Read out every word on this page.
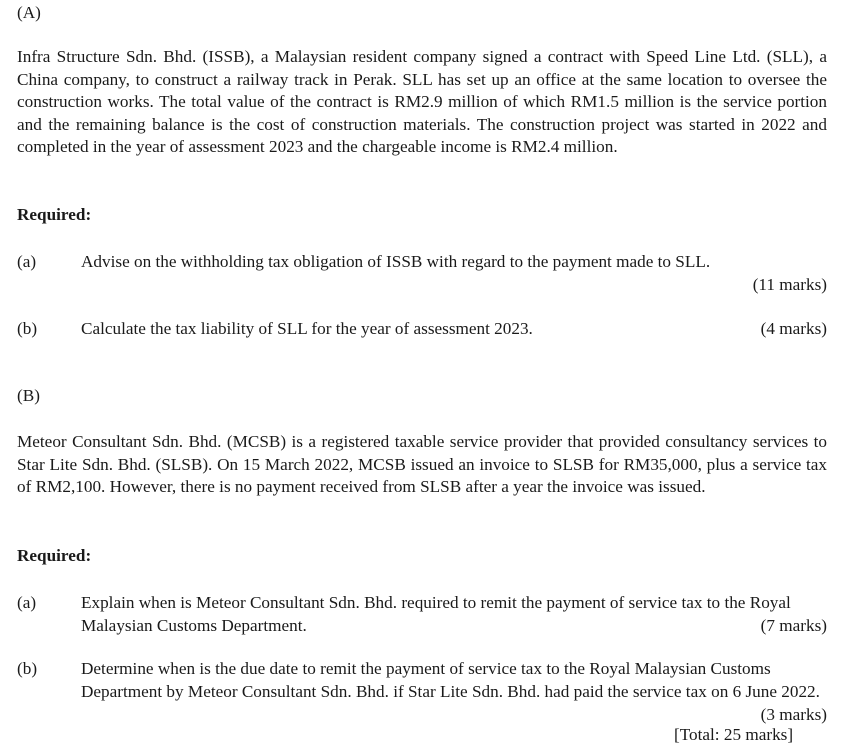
(A)
Infra Structure Sdn. Bhd. (ISSB), a Malaysian resident company signed a contract with Speed Line Ltd. (SLL), a China company, to construct a railway track in Perak. SLL has set up an office at the same location to oversee the construction works. The total value of the contract is RM2.9 million of which RM1.5 million is the service portion and the remaining balance is the cost of construction materials. The construction project was started in 2022 and completed in the year of assessment 2023 and the chargeable income is RM2.4 million.
Required:
(a)	Advise on the withholding tax obligation of ISSB with regard to the payment made to SLL.
(11 marks)
(b)	Calculate the tax liability of SLL for the year of assessment 2023.	(4 marks)
(B)
Meteor Consultant Sdn. Bhd. (MCSB) is a registered taxable service provider that provided consultancy services to Star Lite Sdn. Bhd. (SLSB). On 15 March 2022, MCSB issued an invoice to SLSB for RM35,000, plus a service tax of RM2,100. However, there is no payment received from SLSB after a year the invoice was issued.
Required:
(a)	Explain when is Meteor Consultant Sdn. Bhd. required to remit the payment of service tax to the Royal Malaysian Customs Department.	(7 marks)
(b)	Determine when is the due date to remit the payment of service tax to the Royal Malaysian Customs Department by Meteor Consultant Sdn. Bhd. if Star Lite Sdn. Bhd. had paid the service tax on 6 June 2022.
(3 marks)
[Total: 25 marks]
